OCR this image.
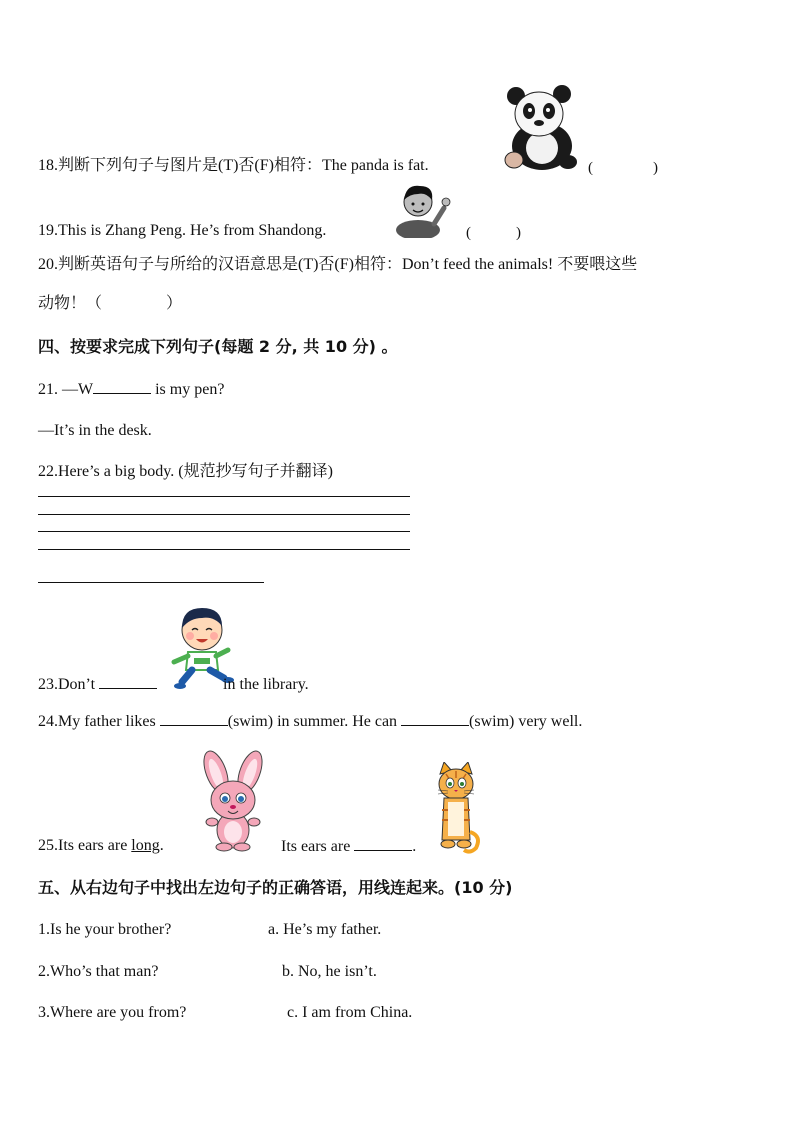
18.判断下列句子与图片是(T)否(F)相符：The panda is fat.	(　　　　)
19.This is Zhang Peng. He’s from Shandong.	(　　　)
20.判断英语句子与所给的汉语意思是(T)否(F)相符：Don’t feed the animals! 不要喂这些
动物！（　　　　）
四、按要求完成下列句子(每题 2 分, 共 10 分) 。
21. —W	is my pen?
—It’s in the desk.
22.Here’s a big body. (规范抄写句子并翻译)
23.Don’t	in the library.
24.My father likes	(swim) in summer. He can	(swim) very well.
25.Its ears are long.	Its ears are	.
五、从右边句子中找出左边句子的正确答语，用线连起来。(10 分)
1.Is he your brother?	a. He’s my father.
2.Who’s that man?	b. No, he isn’t.
3.Where are you from?	c. I am from China.
